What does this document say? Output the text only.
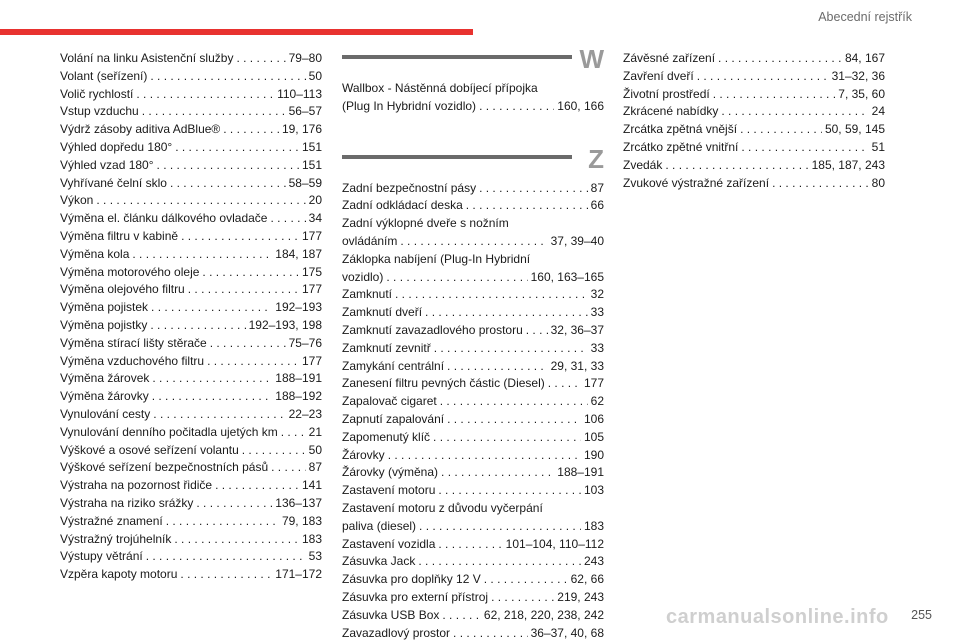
Abecední rejstřík
Volání na linku Asistenční služby . . .	79–80
Volant (seřízení) . . .	50
Volič rychlostí . . .	110–113
Vstup vzduchu . . .	56–57
Výdrž zásoby aditiva AdBlue® . . .	19, 176
Výhled dopředu 180° . . .	151
Výhled vzad 180° . . .	151
Vyhřívané čelní sklo . . .	58–59
Výkon . . .	20
Výměna el. článku dálkového ovladače . . .	34
Výměna filtru v kabině . . .	177
Výměna kola . . .	184, 187
Výměna motorového oleje . . .	175
Výměna olejového filtru . . .	177
Výměna pojistek . . .	192–193
Výměna pojistky . . .	192–193, 198
Výměna stírací lišty stěrače . . .	75–76
Výměna vzduchového filtru . . .	177
Výměna žárovek . . .	188–191
Výměna žárovky . . .	188–192
Vynulování cesty . . .	22–23
Vynulování denního počitadla ujetých km . . .	21
Výškové a osové seřízení volantu . . .	50
Výškové seřízení bezpečnostních pásů . . .	87
Výstraha na pozornost řidiče . . .	141
Výstraha na riziko srážky . . .	136–137
Výstražné znamení . . .	79, 183
Výstražný trojúhelník . . .	183
Výstupy větrání . . .	53
Vzpěra kapoty motoru . . .	171–172
W
Wallbox - Nástěnná dobíjecí přípojka
(Plug In Hybridní vozidlo) . . .	160, 166
Z
Zadní bezpečnostní pásy . . .	87
Zadní odkládací deska . . .	66
Zadní výklopné dveře s nožním
ovládáním . . .	37, 39–40
Záklopka nabíjení (Plug-In Hybridní
vozidlo) . . .	160, 163–165
Zamknutí . . .	32
Zamknutí dveří . . .	33
Zamknutí zavazadlového prostoru . . . 32, 36–37
Zamknutí zevnitř . . .	33
Zamykání centrální . . .	29, 31, 33
Zanesení filtru pevných částic (Diesel) . . .	177
Zapalovač cigaret . . .	62
Zapnutí zapalování . . .	106
Zapomenutý klíč . . .	105
Žárovky . . .	190
Žárovky (výměna) . . .	188–191
Zastavení motoru . . .	103
Zastavení motoru z důvodu vyčerpání
paliva (diesel) . . .	183
Zastavení vozidla . . .	101–104, 110–112
Zásuvka Jack . . .	243
Zásuvka pro doplňky 12 V . . .	62, 66
Zásuvka pro externí přístroj . . .	219, 243
Zásuvka USB Box . . .	62, 218, 220, 238, 242
Zavazadlový prostor . . .	36–37, 40, 68
Závěsné zařízení . . .	84, 167
Zavření dveří . . .	31–32, 36
Životní prostředí . . .	7, 35, 60
Zkrácené nabídky . . .	24
Zrcátka zpětná vnější . . .	50, 59, 145
Zrcátko zpětné vnitřní . . .	51
Zvedák . . .	185, 187, 243
Zvukové výstražné zařízení . . .	80
carmanualsonline.info 255
